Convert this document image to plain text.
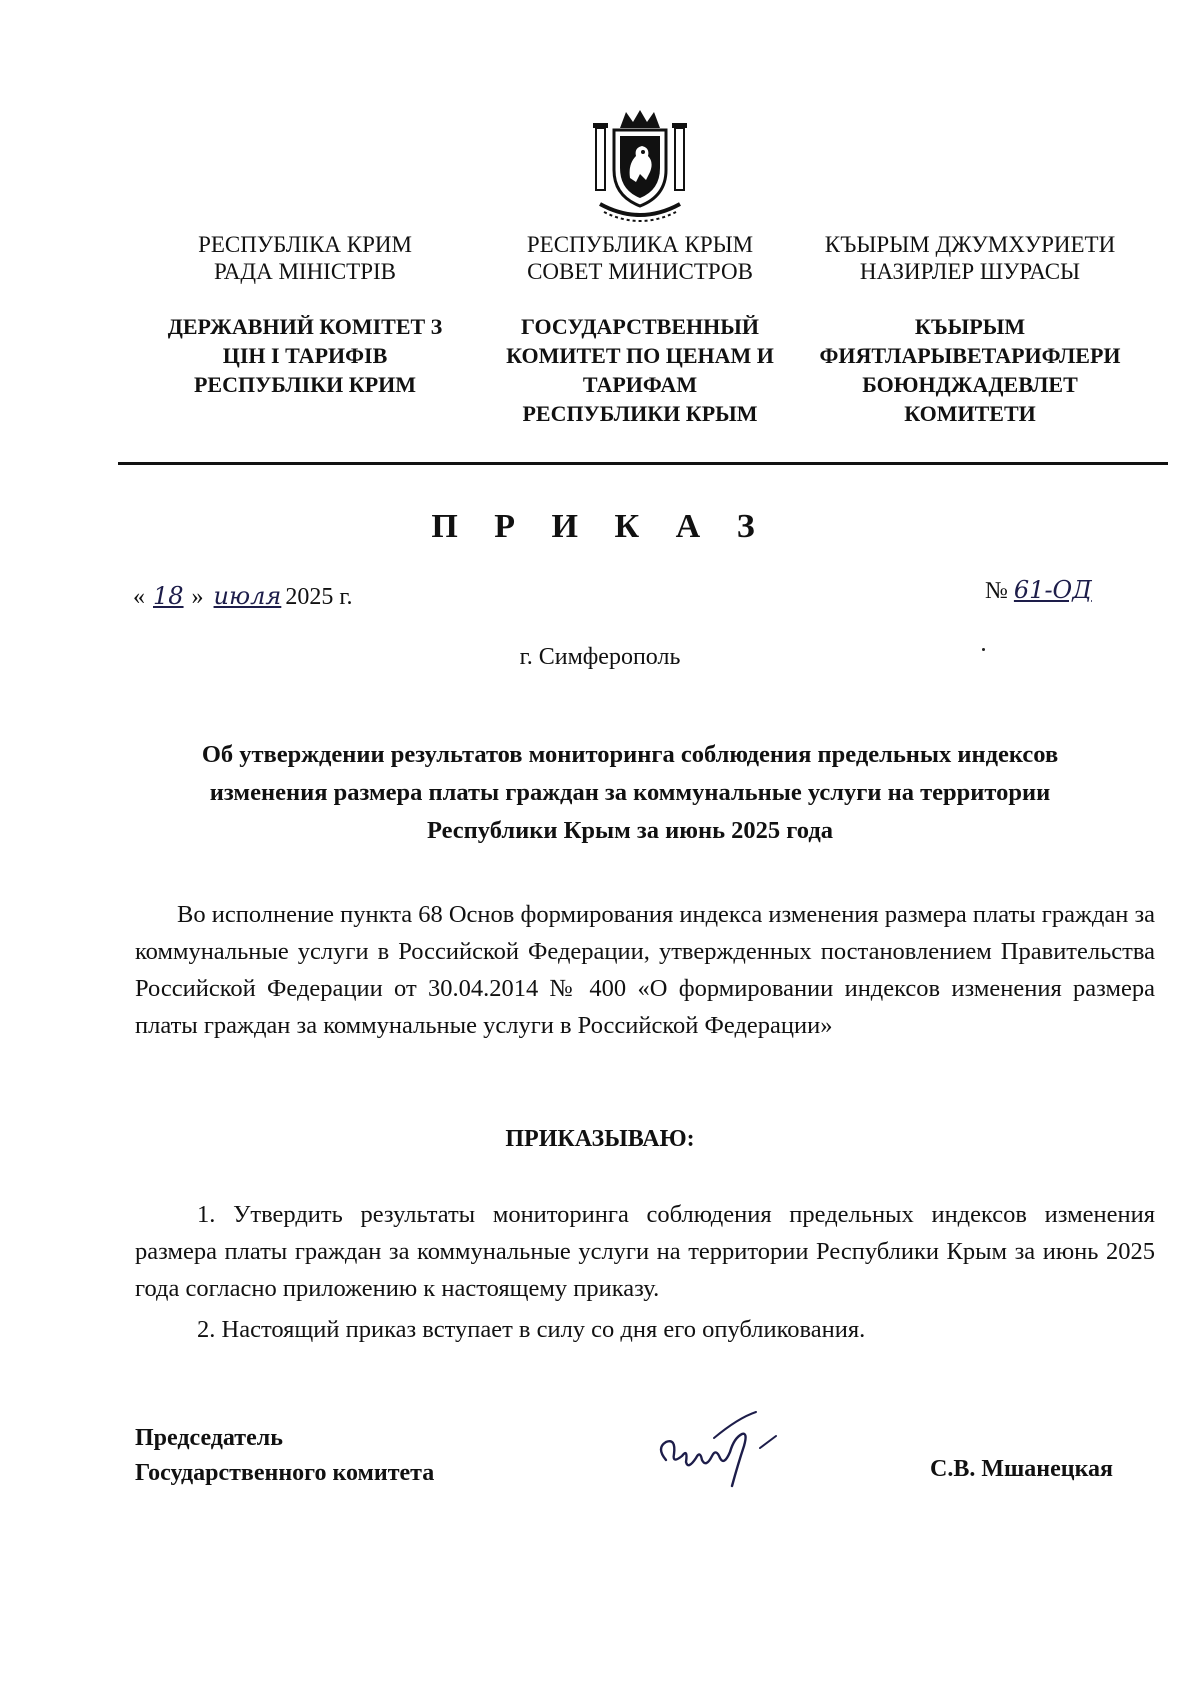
РЕСПУБЛІКА КРИМ
РАДА МІНІСТРІВ
ДЕРЖАВНИЙ КОМІТЕТ З
ЦІН І ТАРИФІВ
РЕСПУБЛІКИ КРИМ
РЕСПУБЛИКА КРЫМ
СОВЕТ МИНИСТРОВ
ГОСУДАРСТВЕННЫЙ
КОМИТЕТ ПО ЦЕНАМ И
ТАРИФАМ
РЕСПУБЛИКИ КРЫМ
КЪЫРЫМ ДЖУМХУРИЕТИ
НАЗИРЛЕР ШУРАСЫ
КЪЫРЫМ
ФИЯТЛАРЫВЕТАРИФЛЕРИ
БОЮНДЖАДЕВЛЕТ
КОМИТЕТИ
П Р И К А З
« 18 » июля 2025 г.	№ 61-ОД
г. Симферополь
Об утверждении результатов мониторинга соблюдения предельных индексов изменения размера платы граждан за коммунальные услуги на территории Республики Крым за июнь 2025 года
Во исполнение пункта 68 Основ формирования индекса изменения размера платы граждан за коммунальные услуги в Российской Федерации, утвержденных постановлением Правительства Российской Федерации от 30.04.2014 № 400 «О формировании индексов изменения размера платы граждан за коммунальные услуги в Российской Федерации»
ПРИКАЗЫВАЮ:
1. Утвердить результаты мониторинга соблюдения предельных индексов изменения размера платы граждан за коммунальные услуги на территории Республики Крым за июнь 2025 года согласно приложению к настоящему приказу.
2. Настоящий приказ вступает в силу со дня его опубликования.
Председатель
Государственного комитета	С.В. Мшанецкая
